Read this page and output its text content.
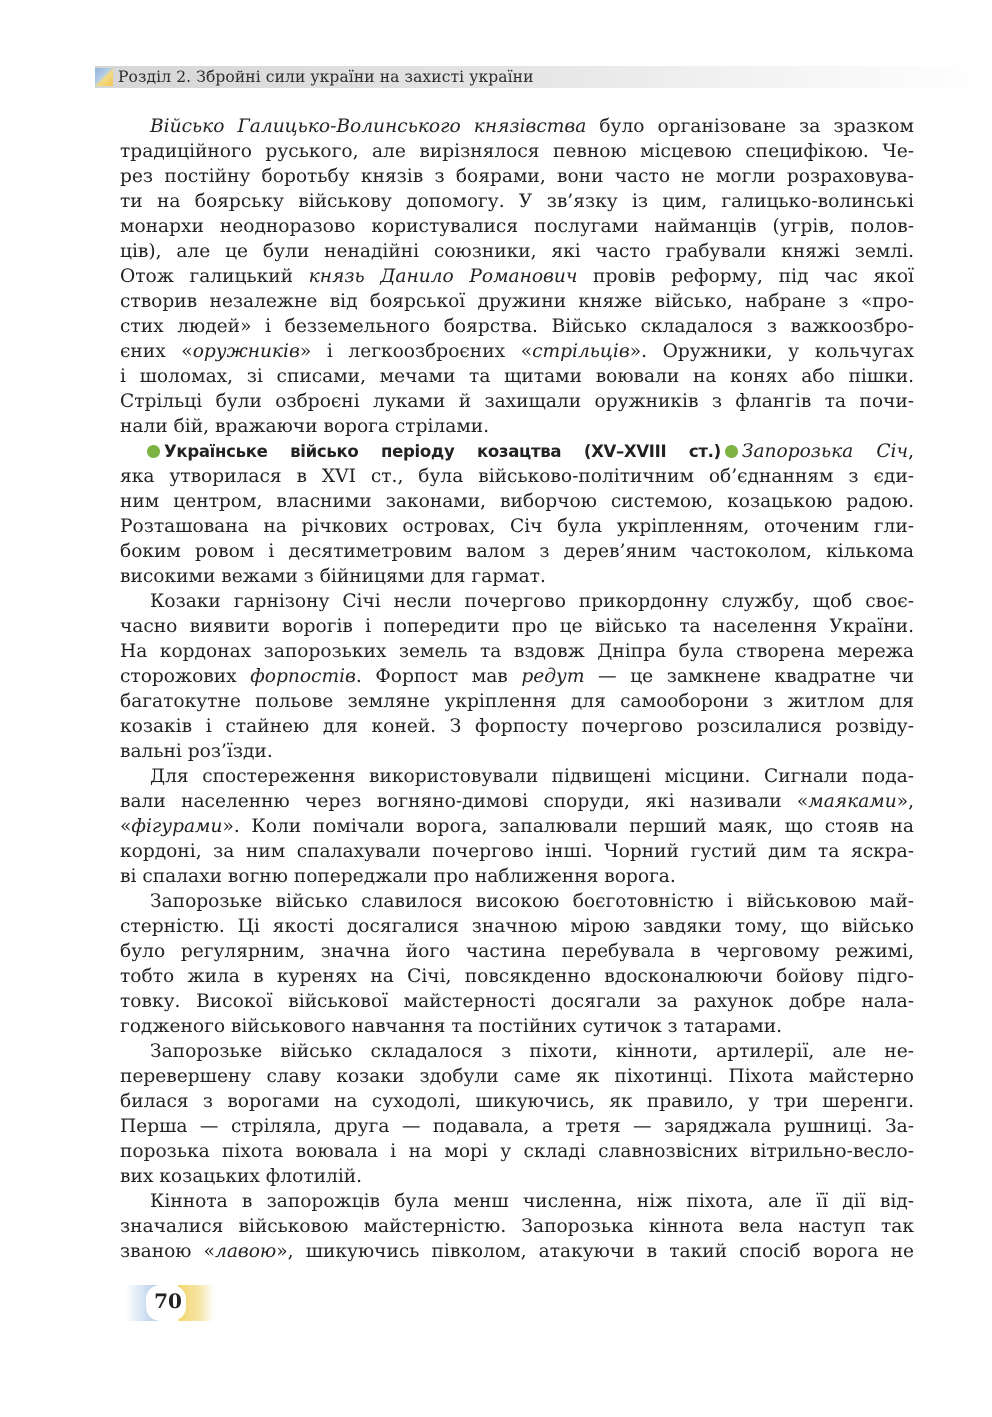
Розділ 2. Збройні сили україни на захисті україни
Військо Галицько-Волинського князівства було організоване за зразком
традиційного руського, але вирізнялося певною місцевою специфікою. Че-
рез постійну боротьбу князів з боярами, вони часто не могли розраховува-
ти на боярську військову допомогу. У зв’язку із цим, галицько-волинські
монархи неодноразово користувалися послугами найманців (угрів, полов-
ців), але це були ненадійні союзники, які часто грабували княжі землі.
Отож галицький князь Данило Романович провів реформу, під час якої
створив незалежне від боярської дружини княже військо, набране з «про-
стих людей» і безземельного боярства. Військо складалося з важкоозбро-
єних «оружників» і легкоозброєних «стрільців». Оружники, у кольчугах
і шоломах, зі списами, мечами та щитами воювали на конях або пішки.
Стрільці були озброєні луками й захищали оружників з флангів та почи-
нали бій, вражаючи ворога стрілами.
Українське військо періоду козацтва (XV–XVIII ст.) Запорозька Січ,
яка утворилася в XVI ст., була військово-політичним об’єднанням з єди-
ним центром, власними законами, виборчою системою, козацькою радою.
Розташована на річкових островах, Січ була укріпленням, оточеним гли-
боким ровом і десятиметровим валом з дерев’яним частоколом, кількома
високими вежами з бійницями для гармат.
Козаки гарнізону Січі несли почергово прикордонну службу, щоб своє-
часно виявити ворогів і попередити про це військо та населення України.
На кордонах запорозьких земель та вздовж Дніпра була створена мережа
сторожових форпостів. Форпост мав редут — це замкнене квадратне чи
багатокутне польове земляне укріплення для самооборони з житлом для
козаків і стайнею для коней. З форпосту почергово розсилалися розвіду-
вальні роз’їзди.
Для спостереження використовували підвищені місцини. Сигнали пода-
вали населенню через вогняно-димові споруди, які називали «маяками»,
«фігурами». Коли помічали ворога, запалювали перший маяк, що стояв на
кордоні, за ним спалахували почергово інші. Чорний густий дим та яскра-
ві спалахи вогню попереджали про наближення ворога.
Запорозьке військо славилося високою боєготовністю і військовою май-
стерністю. Ці якості досягалися значною мірою завдяки тому, що військо
було регулярним, значна його частина перебувала в черговому режимі,
тобто жила в куренях на Січі, повсякденно вдосконалюючи бойову підго-
товку. Високої військової майстерності досягали за рахунок добре нала-
годженого військового навчання та постійних сутичок з татарами.
Запорозьке військо складалося з піхоти, кінноти, артилерії, але не-
перевершену славу козаки здобули саме як піхотинці. Піхота майстерно
билася з ворогами на суходолі, шикуючись, як правило, у три шеренги.
Перша — стріляла, друга — подавала, а третя — заряджала рушниці. За-
порозька піхота воювала і на морі у складі славнозвісних вітрильно-весло-
вих козацьких флотилій.
Кіннота в запорожців була менш численна, ніж піхота, але її дії від-
значалися військовою майстерністю. Запорозька кіннота вела наступ так
званою «лавою», шикуючись півколом, атакуючи в такий спосіб ворога не
70
